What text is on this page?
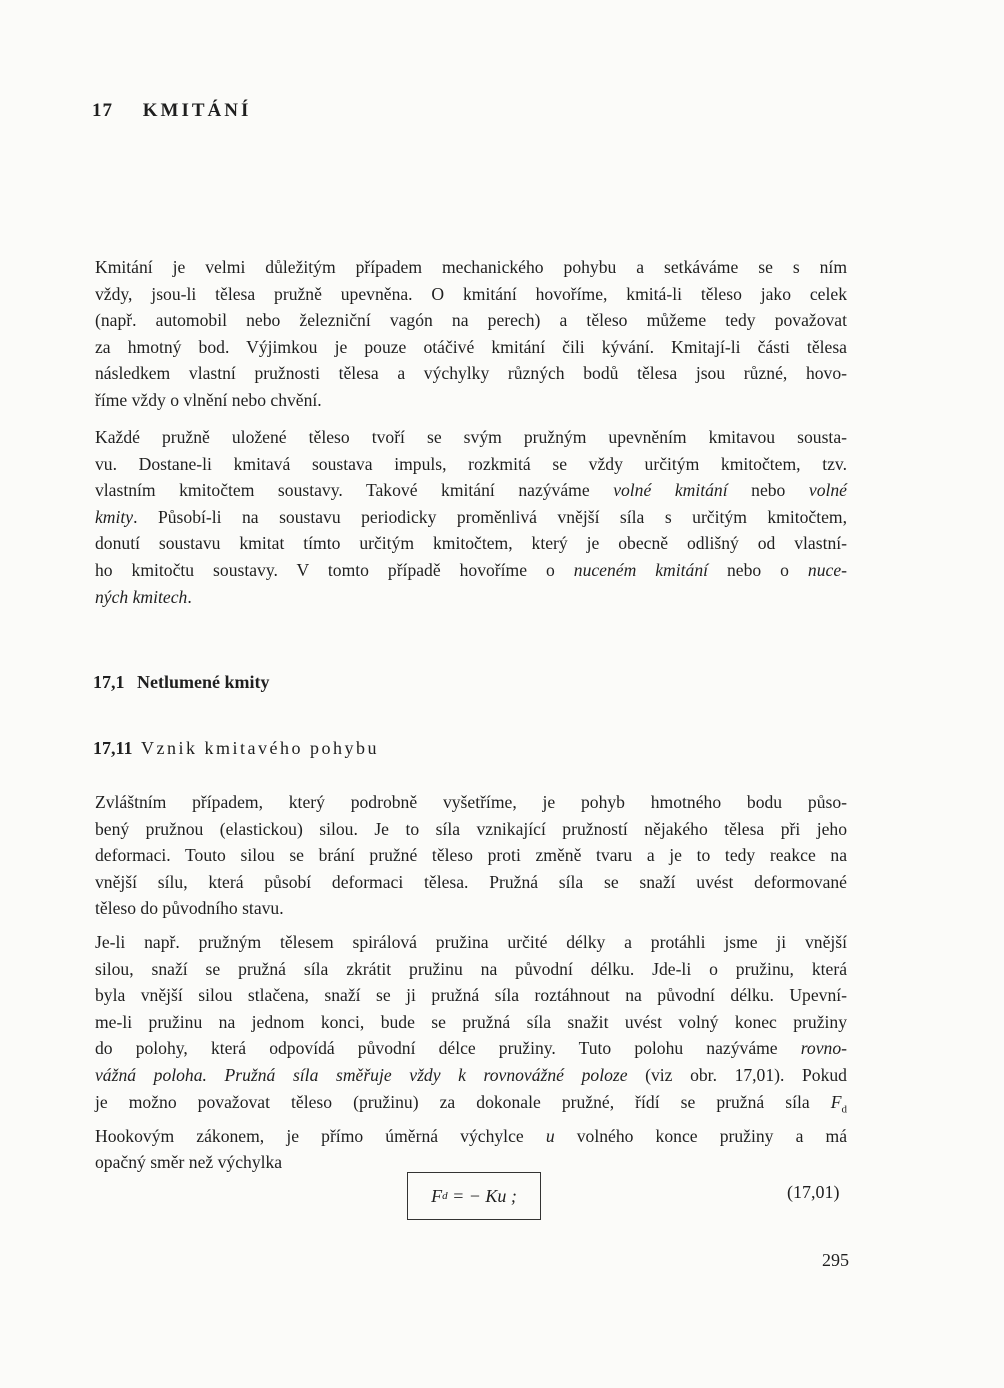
17 KMITÁNÍ

Kmitání je velmi důležitým případem mechanického pohybu a setkáváme se s ním
vždy, jsou-li tělesa pružně upevněna. O kmitání hovoříme, kmitá-li těleso jako celek
(např. automobil nebo železniční vagón na perech) a těleso můžeme tedy považovat
za hmotný bod. Výjimkou je pouze otáčivé kmitání čili kývání. Kmitají-li části tělesa
následkem vlastní pružnosti tělesa a výchylky různých bodů tělesa jsou různé, hovo-
říme vždy o vlnění nebo chvění.

Každé pružně uložené těleso tvoří se svým pružným upevněním kmitavou sousta-
vu. Dostane-li kmitavá soustava impuls, rozkmitá se vždy určitým kmitočtem, tzv.
vlastním kmitočtem soustavy. Takové kmitání nazýváme volné kmitání nebo volné
kmity. Působí-li na soustavu periodicky proměnlivá vnější síla s určitým kmitočtem,
donutí soustavu kmitat tímto určitým kmitočtem, který je obecně odlišný od vlastní-
ho kmitočtu soustavy. V tomto případě hovoříme o nuceném kmitání nebo o nuce-
ných kmitech.

17,1 Netlumené kmity
17,11 Vznik kmitavého pohybu

Zvláštním případem, který podrobně vyšetříme, je pohyb hmotného bodu půso-
bený pružnou (elastickou) silou. Je to síla vznikající pružností nějakého tělesa při jeho
deformaci. Touto silou se brání pružné těleso proti změně tvaru a je to tedy reakce na
vnější sílu, která působí deformaci tělesa. Pružná síla se snaží uvést deformované
těleso do původního stavu.

Je-li např. pružným tělesem spirálová pružina určité délky a protáhli jsme ji vnější
silou, snaží se pružná síla zkrátit pružinu na původní délku. Jde-li o pružinu, která
byla vnější silou stlačena, snaží se ji pružná síla roztáhnout na původní délku. Upevní-
me-li pružinu na jednom konci, bude se pružná síla snažit uvést volný konec pružiny
do polohy, která odpovídá původní délce pružiny. Tuto polohu nazýváme rovno-
vážná poloha. Pružná síla směřuje vždy k rovnovážné poloze (viz obr. 17,01). Pokud
je možno považovat těleso (pružinu) za dokonale pružné, řídí se pružná síla $F_d$
Hookovým zákonem, je přímo úměrná výchylce u volného konce pružiny a má
opačný směr než výchylka

F d = − Ku ;	(17,01)
295
